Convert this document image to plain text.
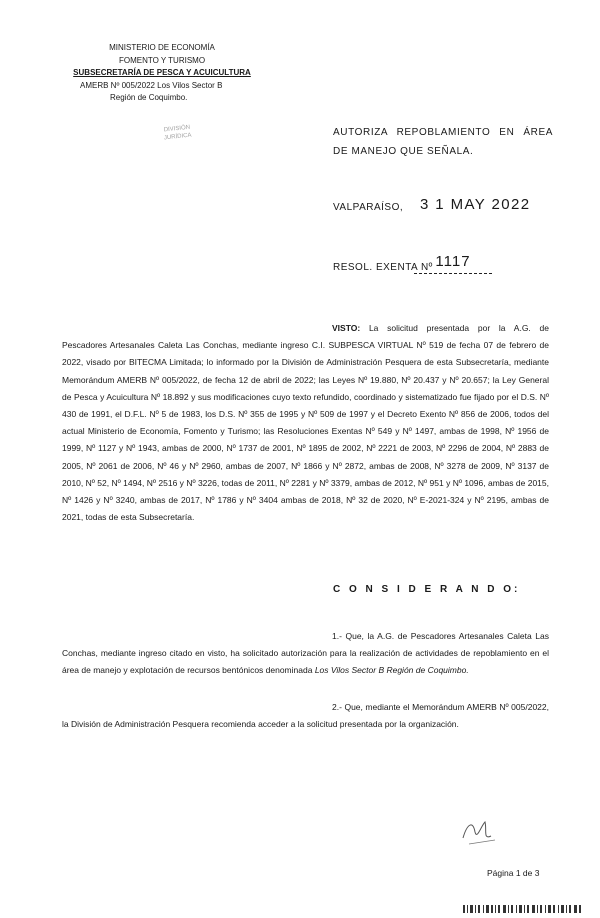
MINISTERIO DE ECONOMÍA
FOMENTO Y TURISMO
SUBSECRETARÍA DE PESCA Y ACUICULTURA
AMERB Nº 005/2022 Los Vilos Sector B
Región de Coquimbo.
DIVISIÓN
JURÍDICA	AUTORIZA REPOBLAMIENTO EN ÁREA DE MANEJO QUE SEÑALA.
VALPARAÍSO, 3 1 MAY 2022
RESOL. EXENTA Nº 1117
VISTO: La solicitud presentada por la A.G. de Pescadores Artesanales Caleta Las Conchas, mediante ingreso C.I. SUBPESCA VIRTUAL Nº 519 de fecha 07 de febrero de 2022, visado por BITECMA Limitada; lo informado por la División de Administración Pesquera de esta Subsecretaría, mediante Memorándum AMERB Nº 005/2022, de fecha 12 de abril de 2022; las Leyes Nº 19.880, Nº 20.437 y Nº 20.657; la Ley General de Pesca y Acuicultura Nº 18.892 y sus modificaciones cuyo texto refundido, coordinado y sistematizado fue fijado por el D.S. Nº 430 de 1991, el D.F.L. Nº 5 de 1983, los D.S. Nº 355 de 1995 y Nº 509 de 1997 y el Decreto Exento Nº 856 de 2006, todos del actual Ministerio de Economía, Fomento y Turismo; las Resoluciones Exentas Nº 549 y Nº 1497, ambas de 1998, Nº 1956 de 1999, Nº 1127 y Nº 1943, ambas de 2000, Nº 1737 de 2001, Nº 1895 de 2002, Nº 2221 de 2003, Nº 2296 de 2004, Nº 2883 de 2005, Nº 2061 de 2006, Nº 46 y Nº 2960, ambas de 2007, Nº 1866 y Nº 2872, ambas de 2008, Nº 3278 de 2009, Nº 3137 de 2010, Nº 52, Nº 1494, Nº 2516 y Nº 3226, todas de 2011, Nº 2281 y Nº 3379, ambas de 2012, Nº 951 y Nº 1096, ambas de 2015, Nº 1426 y Nº 3240, ambas de 2017, Nº 1786 y Nº 3404 ambas de 2018, Nº 32 de 2020, Nº E-2021-324 y Nº 2195, ambas de 2021, todas de esta Subsecretaría.
C O N S I D E R A N D O:
1.- Que, la A.G. de Pescadores Artesanales Caleta Las Conchas, mediante ingreso citado en visto, ha solicitado autorización para la realización de actividades de repoblamiento en el área de manejo y explotación de recursos bentónicos denominada Los Vilos Sector B Región de Coquimbo.
2.- Que, mediante el Memorándum AMERB Nº 005/2022, la División de Administración Pesquera recomienda acceder a la solicitud presentada por la organización.
Página 1 de 3
